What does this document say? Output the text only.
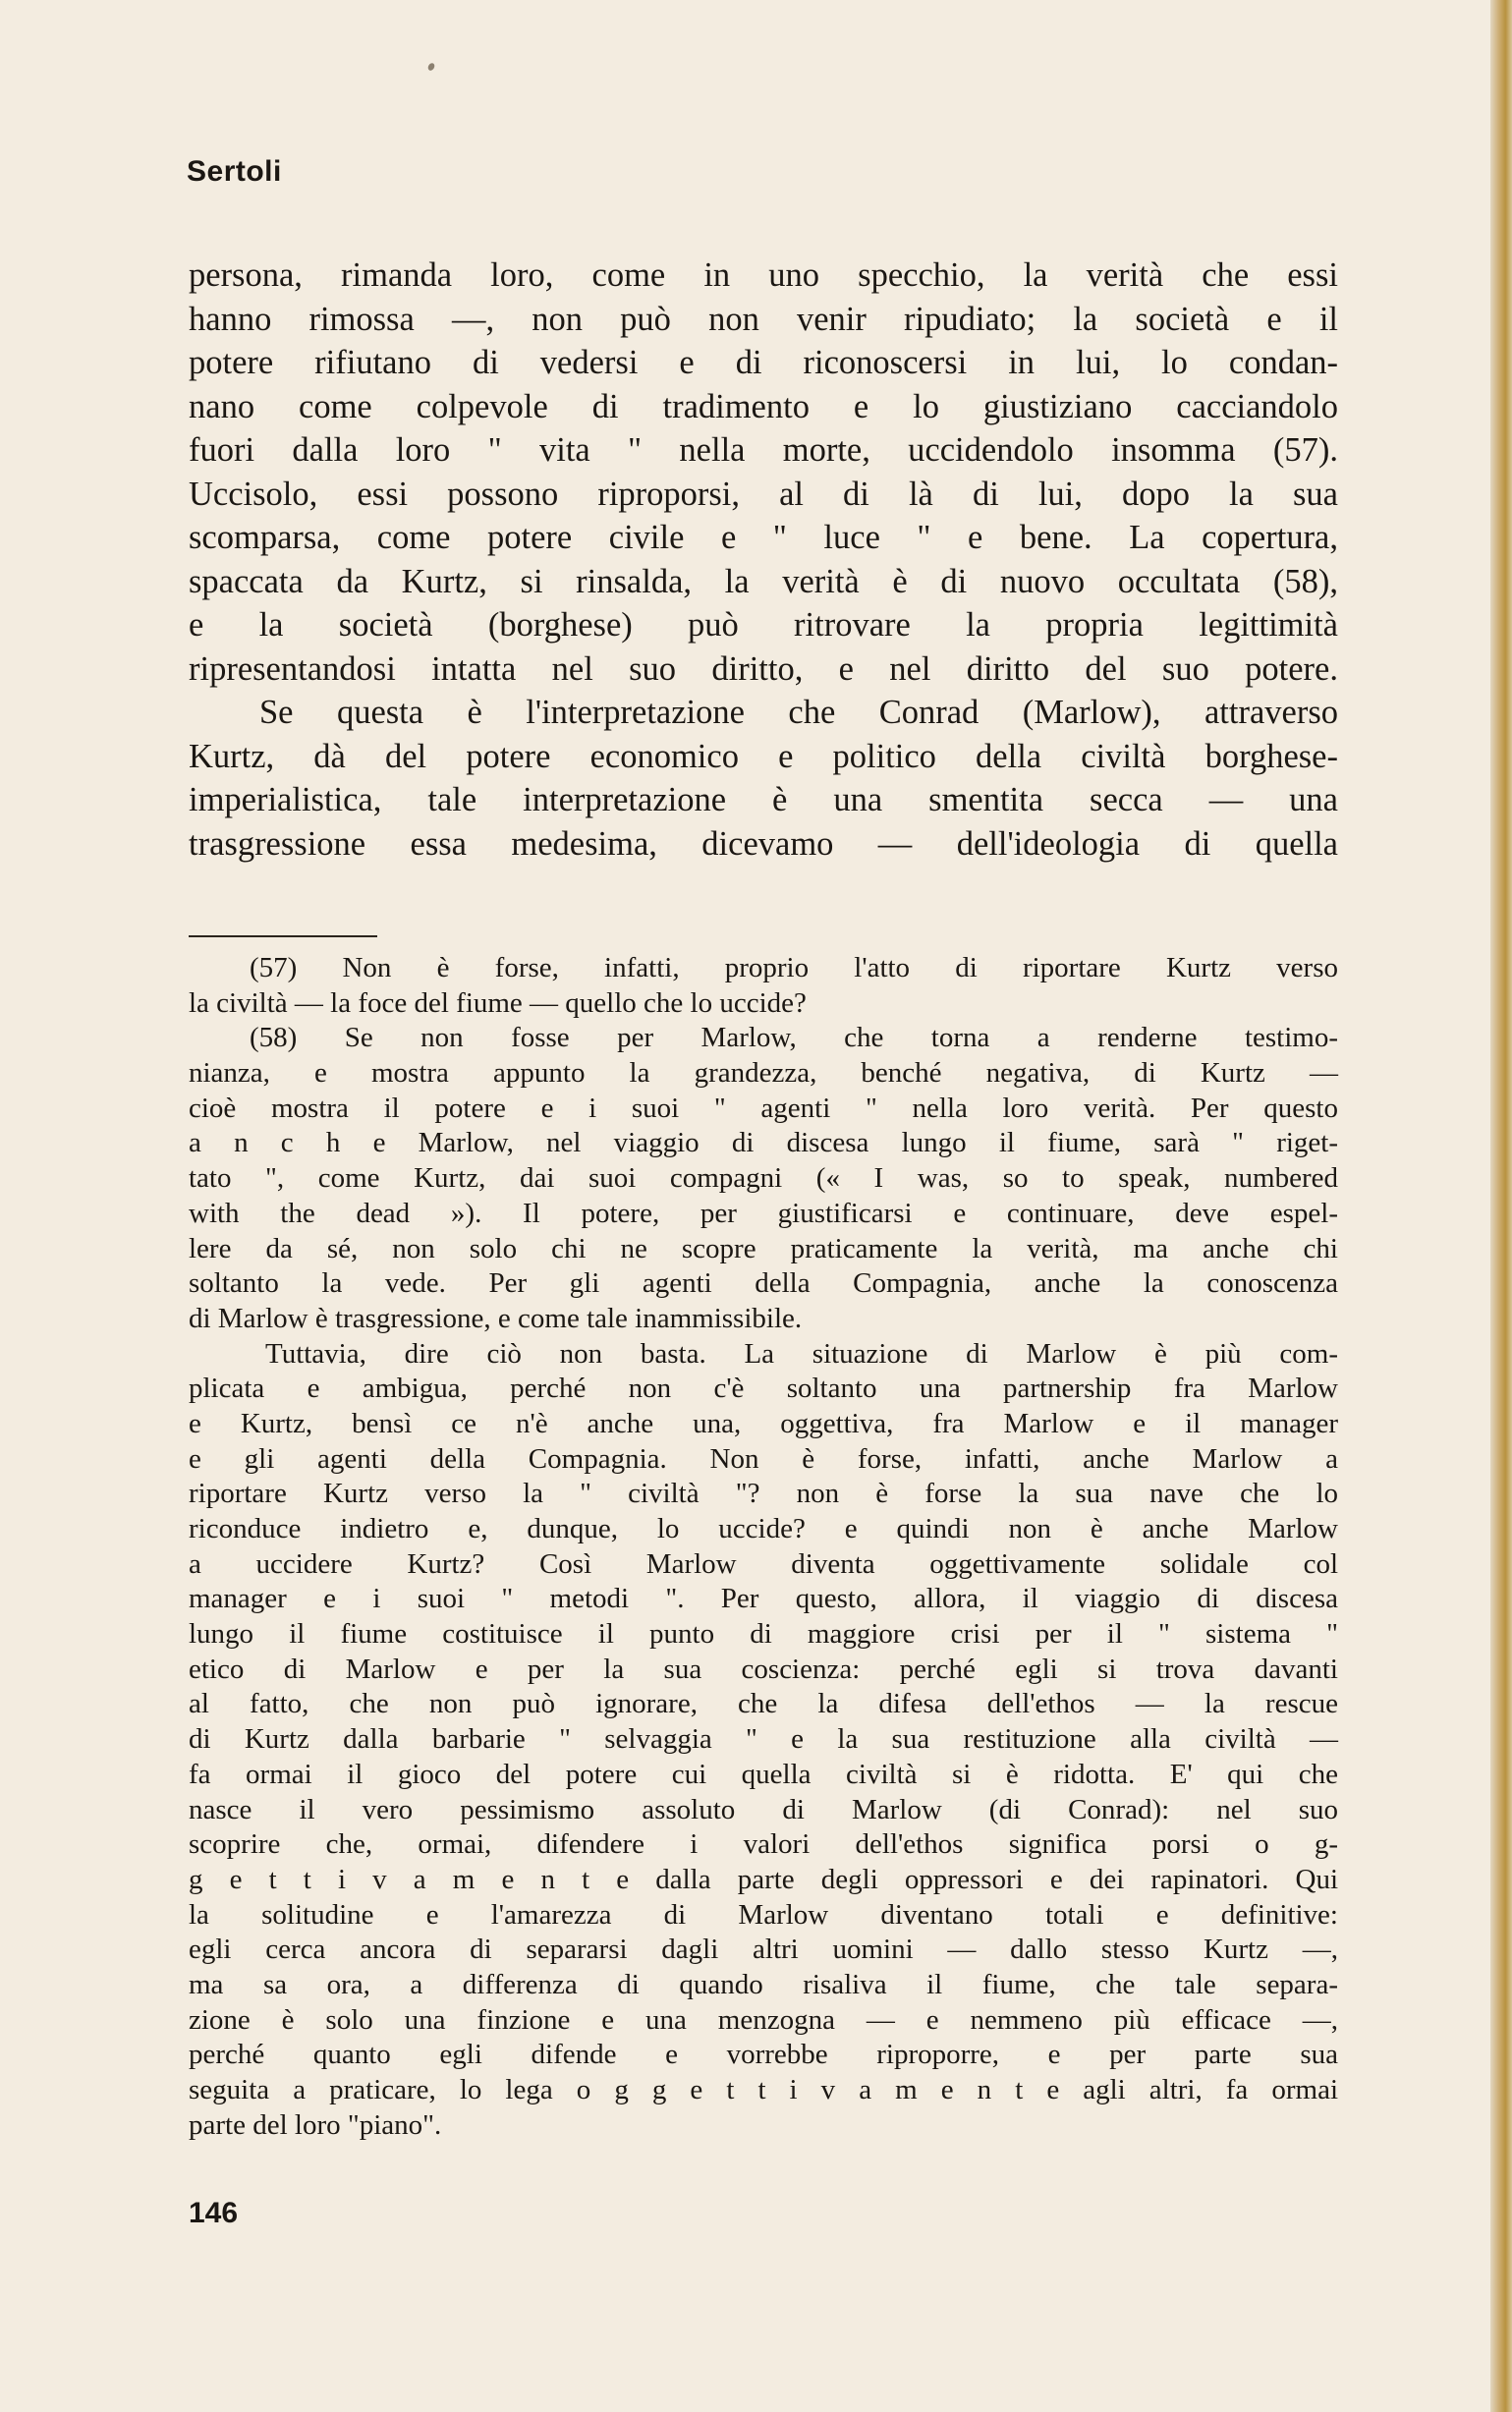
Sertoli
persona, rimanda loro, come in uno specchio, la verità che essi
hanno rimossa —, non può non venir ripudiato; la società e il
potere rifiutano di vedersi e di riconoscersi in lui, lo condan-
nano come colpevole di tradimento e lo giustiziano cacciandolo
fuori dalla loro " vita " nella morte, uccidendolo insomma (57).
Uccisolo, essi possono riproporsi, al di là di lui, dopo la sua
scomparsa, come potere civile e " luce " e bene. La copertura,
spaccata da Kurtz, si rinsalda, la verità è di nuovo occultata (58),
e la società (borghese) può ritrovare la propria legittimità
ripresentandosi intatta nel suo diritto, e nel diritto del suo potere.
Se questa è l'interpretazione che Conrad (Marlow), attraverso
Kurtz, dà del potere economico e politico della civiltà borghese-
imperialistica, tale interpretazione è una smentita secca — una
trasgressione essa medesima, dicevamo — dell'ideologia di quella
(57) Non è forse, infatti, proprio l'atto di riportare Kurtz verso
la civiltà — la foce del fiume — quello che lo uccide?
(58) Se non fosse per Marlow, che torna a renderne testimo-
nianza, e mostra appunto la grandezza, benché negativa, di Kurtz —
cioè mostra il potere e i suoi " agenti " nella loro verità. Per questo
a n c h e Marlow, nel viaggio di discesa lungo il fiume, sarà " riget-
tato ", come Kurtz, dai suoi compagni (« I was, so to speak, numbered
with the dead »). Il potere, per giustificarsi e continuare, deve espel-
lere da sé, non solo chi ne scopre praticamente la verità, ma anche chi
soltanto la vede. Per gli agenti della Compagnia, anche la conoscenza
di Marlow è trasgressione, e come tale inammissibile.
Tuttavia, dire ciò non basta. La situazione di Marlow è più com-
plicata e ambigua, perché non c'è soltanto una partnership fra Marlow
e Kurtz, bensì ce n'è anche una, oggettiva, fra Marlow e il manager
e gli agenti della Compagnia. Non è forse, infatti, anche Marlow a
riportare Kurtz verso la " civiltà "? non è forse la sua nave che lo
riconduce indietro e, dunque, lo uccide? e quindi non è anche Marlow
a uccidere Kurtz? Così Marlow diventa oggettivamente solidale col
manager e i suoi " metodi ". Per questo, allora, il viaggio di discesa
lungo il fiume costituisce il punto di maggiore crisi per il " sistema "
etico di Marlow e per la sua coscienza: perché egli si trova davanti
al fatto, che non può ignorare, che la difesa dell'ethos — la rescue
di Kurtz dalla barbarie " selvaggia " e la sua restituzione alla civiltà —
fa ormai il gioco del potere cui quella civiltà si è ridotta. E' qui che
nasce il vero pessimismo assoluto di Marlow (di Conrad): nel suo
scoprire che, ormai, difendere i valori dell'ethos significa porsi o g-
g e t t i v a m e n t e dalla parte degli oppressori e dei rapinatori. Qui
la solitudine e l'amarezza di Marlow diventano totali e definitive:
egli cerca ancora di separarsi dagli altri uomini — dallo stesso Kurtz —,
ma sa ora, a differenza di quando risaliva il fiume, che tale separa-
zione è solo una finzione e una menzogna — e nemmeno più efficace —,
perché quanto egli difende e vorrebbe riproporre, e per parte sua
seguita a praticare, lo lega o g g e t t i v a m e n t e agli altri, fa ormai
parte del loro "piano".
146
